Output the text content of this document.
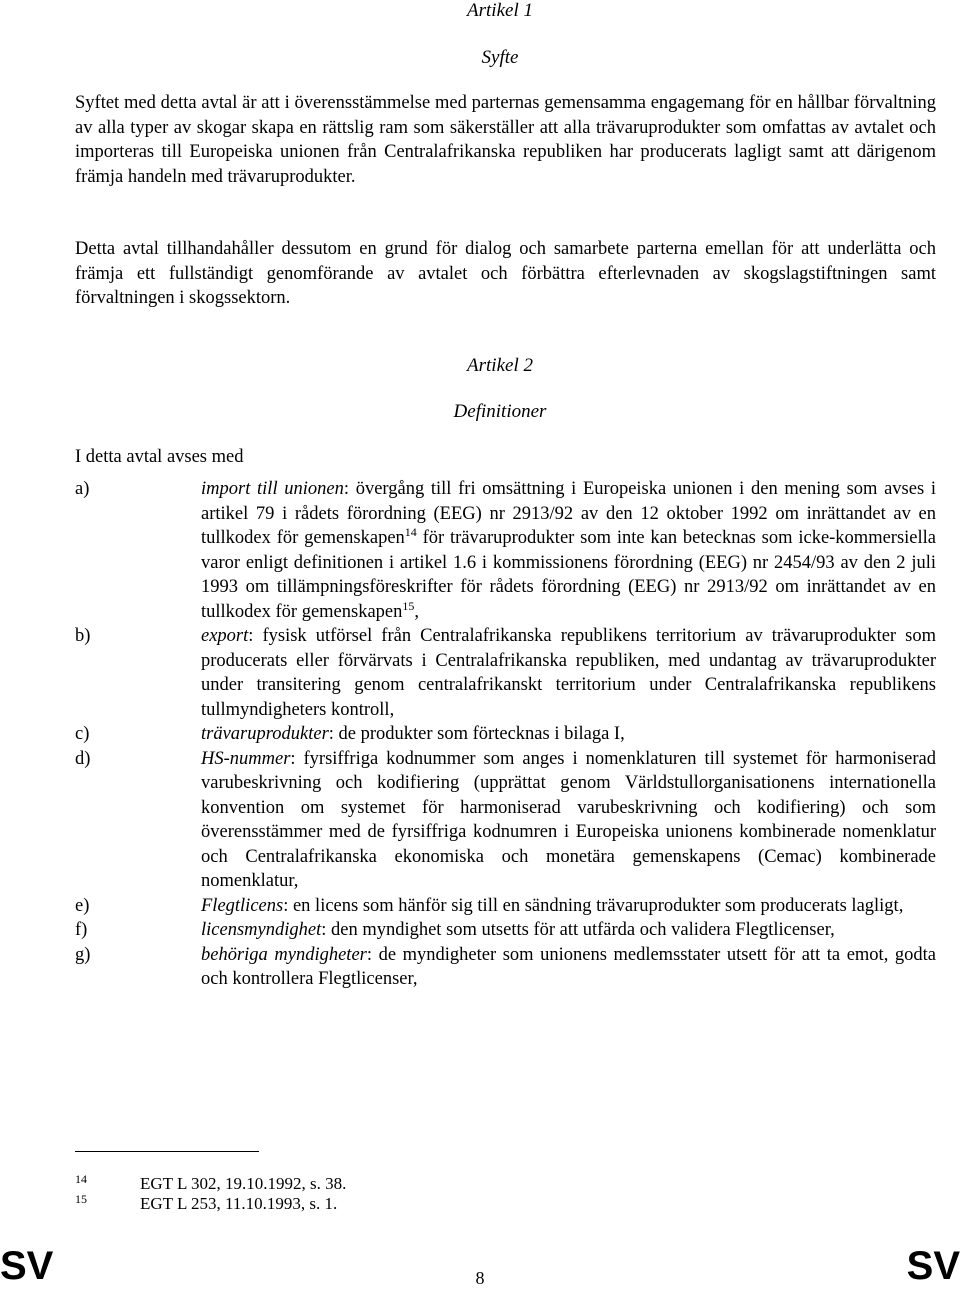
Artikel 1
Syfte

Syftet med detta avtal är att i överensstämmelse med parternas gemensamma engagemang för en hållbar förvaltning av alla typer av skogar skapa en rättslig ram som säkerställer att alla trävaruprodukter som omfattas av avtalet och importeras till Europeiska unionen från Centralafrikanska republiken har producerats lagligt samt att därigenom främja handeln med trävaruprodukter.

Detta avtal tillhandahåller dessutom en grund för dialog och samarbete parterna emellan för att underlätta och främja ett fullständigt genomförande av avtalet och förbättra efterlevnaden av skogslagstiftningen samt förvaltningen i skogssektorn.

Artikel 2
Definitioner

I detta avtal avses med

a)	import till unionen: övergång till fri omsättning i Europeiska unionen i den mening som avses i artikel 79 i rådets förordning (EEG) nr 2913/92 av den 12 oktober 1992 om inrättandet av en tullkodex för gemenskapen$^{14}$ för trävaruprodukter som inte kan betecknas som icke-kommersiella varor enligt definitionen i artikel 1.6 i kommissionens förordning (EEG) nr 2454/93 av den 2 juli 1993 om tillämpningsföreskrifter för rådets förordning (EEG) nr 2913/92 om inrättandet av en tullkodex för gemenskapen$^{15}$,
b)	export: fysisk utförsel från Centralafrikanska republikens territorium av trävaruprodukter som producerats eller förvärvats i Centralafrikanska republiken, med undantag av trävaruprodukter under transitering genom centralafrikanskt territorium under Centralafrikanska republikens tullmyndigheters kontroll,
c)	trävaruprodukter: de produkter som förtecknas i bilaga I,
d)	HS-nummer: fyrsiffriga kodnummer som anges i nomenklaturen till systemet för harmoniserad varubeskrivning och kodifiering (upprättat genom Världstullorganisationens internationella konvention om systemet för harmoniserad varubeskrivning och kodifiering) och som överensstämmer med de fyrsiffriga kodnumren i Europeiska unionens kombinerade nomenklatur och Centralafrikanska ekonomiska och monetära gemenskapens (Cemac) kombinerade nomenklatur,
e)	Flegtlicens: en licens som hänför sig till en sändning trävaruprodukter som producerats lagligt,
f)	licensmyndighet: den myndighet som utsetts för att utfärda och validera Flegtlicenser,
g)	behöriga myndigheter: de myndigheter som unionens medlemsstater utsett för att ta emot, godta och kontrollera Flegtlicenser,
14	EGT L 302, 19.10.1992, s. 38.
15	EGT L 253, 11.10.1993, s. 1.
SV	8	SV
